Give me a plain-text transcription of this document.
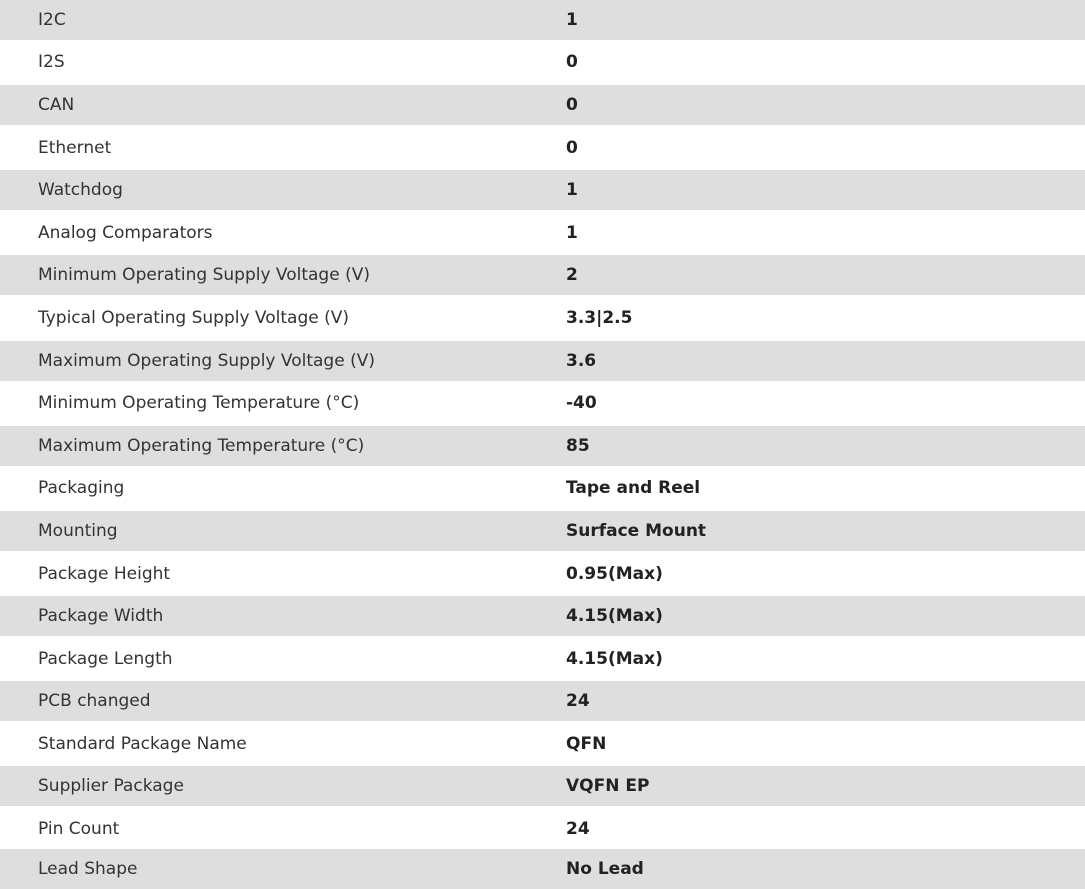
I2C	1
I2S	0
CAN	0
Ethernet	0
Watchdog	1
Analog Comparators	1
Minimum Operating Supply Voltage (V)	2
Typical Operating Supply Voltage (V)	3.3|2.5
Maximum Operating Supply Voltage (V)	3.6
Minimum Operating Temperature (°C)	-40
Maximum Operating Temperature (°C)	85
Packaging	Tape and Reel
Mounting	Surface Mount
Package Height	0.95(Max)
Package Width	4.15(Max)
Package Length	4.15(Max)
PCB changed	24
Standard Package Name	QFN
Supplier Package	VQFN EP
Pin Count	24
Lead Shape	No Lead
